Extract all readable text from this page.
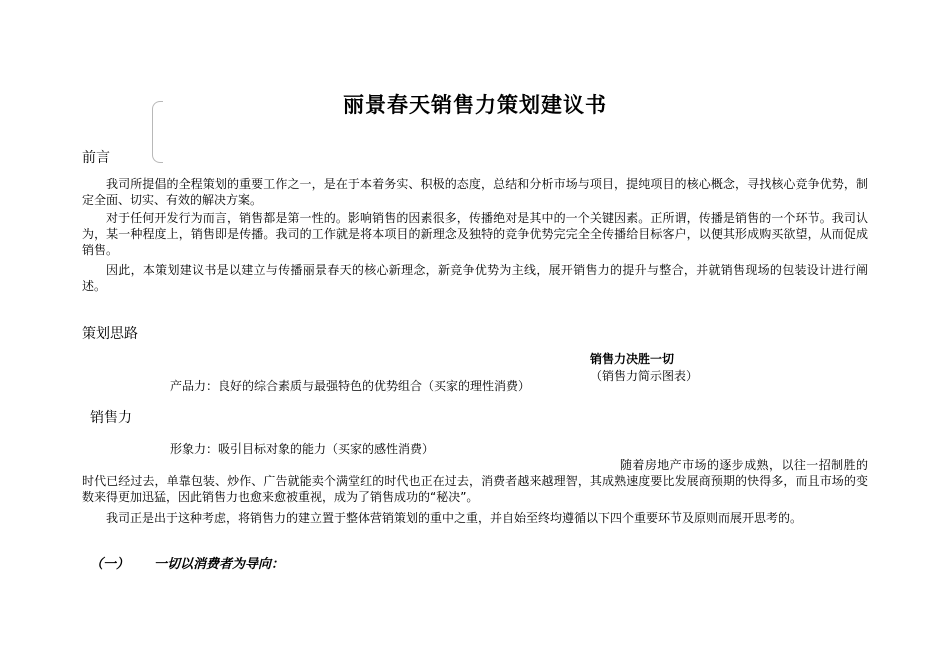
丽景春天销售力策划建议书
前言
我司所提倡的全程策划的重要工作之一，是在于本着务实、积极的态度，总结和分析市场与项目，提纯项目的核心概念，寻找核心竞争优势，制定全面、切实、有效的解决方案。
对于任何开发行为而言，销售都是第一性的。影响销售的因素很多，传播绝对是其中的一个关键因素。正所谓，传播是销售的一个环节。我司认为，某一种程度上，销售即是传播。我司的工作就是将本项目的新理念及独特的竞争优势完完全全传播给目标客户，以便其形成购买欲望，从而促成销售。
因此，本策划建议书是以建立与传播丽景春天的核心新理念，新竞争优势为主线，展开销售力的提升与整合，并就销售现场的包装设计进行阐述。
策划思路
销售力决胜一切
（销售力简示图表）
产品力：良好的综合素质与最强特色的优势组合（买家的理性消费）
销售力
形象力：吸引目标对象的能力（买家的感性消费）
随着房地产市场的逐步成熟，以往一招制胜的时代已经过去，单靠包装、炒作、广告就能卖个满堂红的时代也正在过去，消费者越来越理智，其成熟速度要比发展商预期的快得多，而且市场的变数来得更加迅猛，因此销售力也愈来愈被重视，成为了销售成功的“秘决”。
我司正是出于这种考虑，将销售力的建立置于整体营销策划的重中之重，并自始至终均遵循以下四个重要环节及原则而展开思考的。
（一） 一切以消费者为导向：
